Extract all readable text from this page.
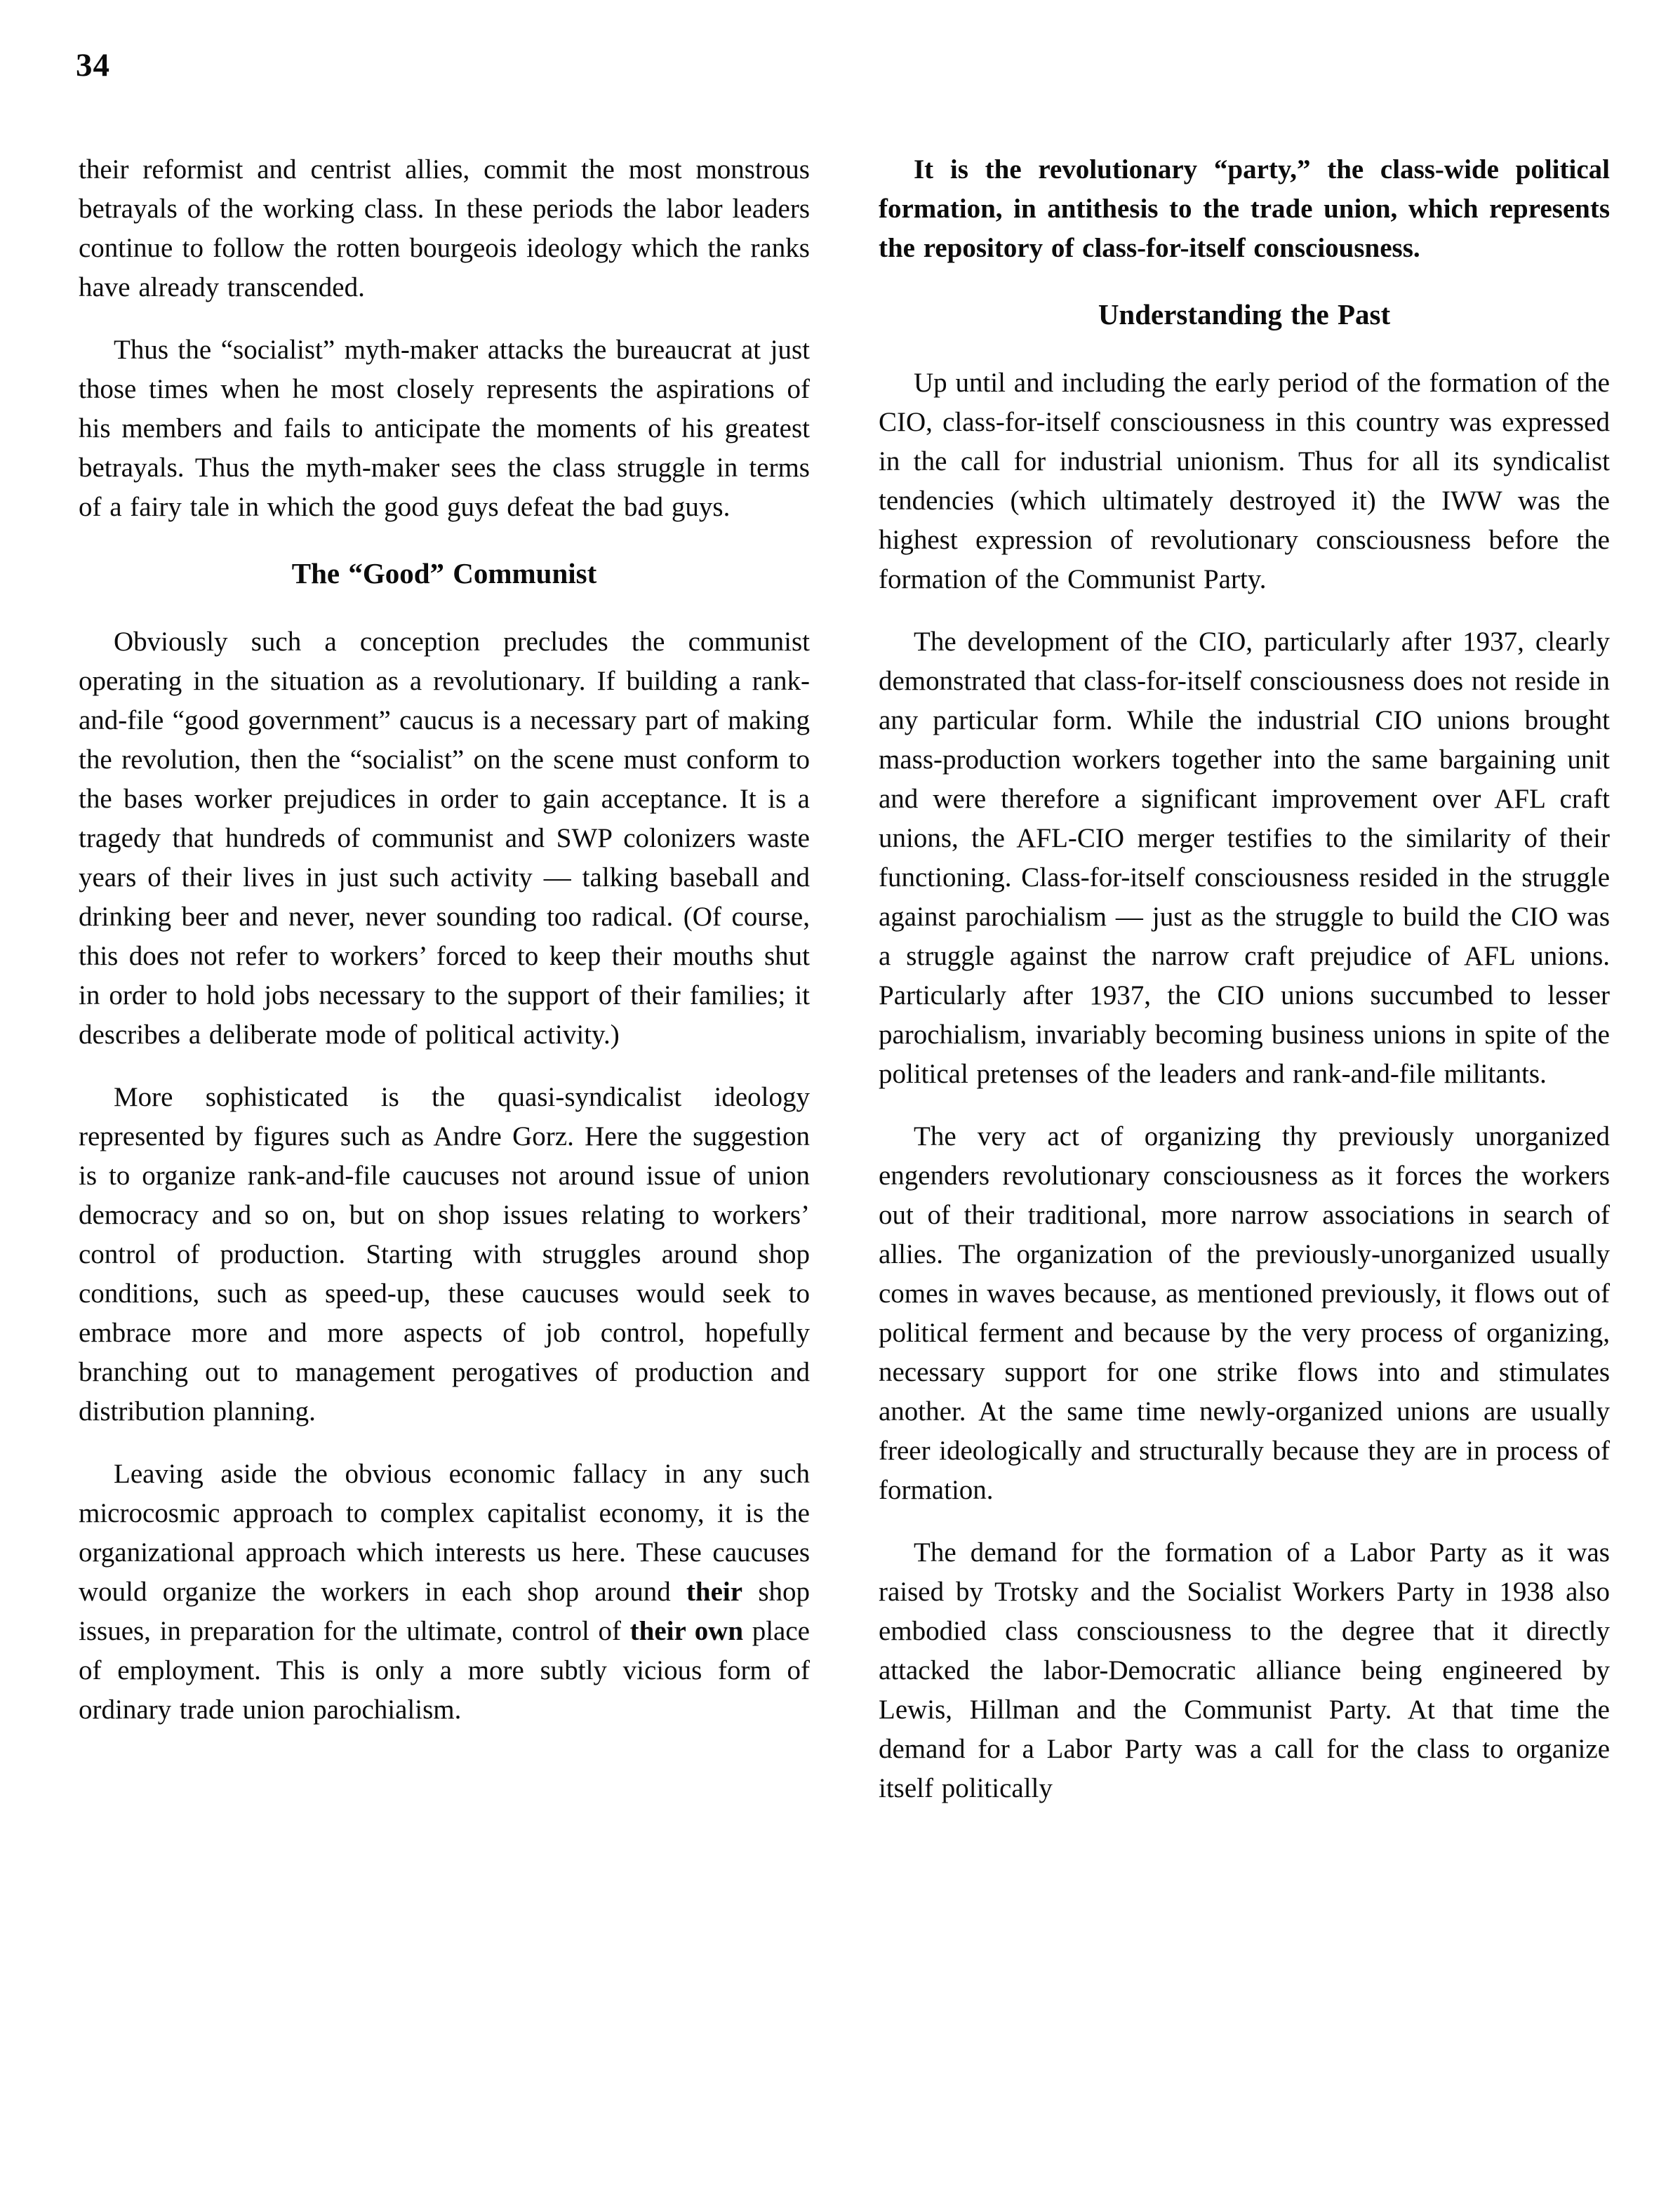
34

their reformist and centrist allies, commit the most monstrous betrayals of the working class. In these periods the labor leaders continue to follow the rotten bourgeois ideology which the ranks have already transcended.

Thus the “socialist” myth-maker attacks the bureaucrat at just those times when he most closely represents the aspirations of his members and fails to anticipate the moments of his greatest betrayals. Thus the myth-maker sees the class struggle in terms of a fairy tale in which the good guys defeat the bad guys.

The “Good” Communist

Obviously such a conception precludes the communist operating in the situation as a revolutionary. If building a rank-and-file “good government” caucus is a necessary part of making the revolution, then the “socialist” on the scene must conform to the bases worker prejudices in order to gain acceptance. It is a tragedy that hundreds of communist and SWP colonizers waste years of their lives in just such activity — talking baseball and drinking beer and never, never sounding too radical. (Of course, this does not refer to workers’ forced to keep their mouths shut in order to hold jobs necessary to the support of their families; it describes a deliberate mode of political activity.)

More sophisticated is the quasi-syndicalist ideology represented by figures such as Andre Gorz. Here the suggestion is to organize rank-and-file caucuses not around issue of union democracy and so on, but on shop issues relating to workers’ control of production. Starting with struggles around shop conditions, such as speed-up, these caucuses would seek to embrace more and more aspects of job control, hopefully branching out to management perogatives of production and distribution planning.

Leaving aside the obvious economic fallacy in any such microcosmic approach to complex capitalist economy, it is the organizational approach which interests us here. These caucuses would organize the workers in each shop around their shop issues, in preparation for the ultimate, control of their own place of employment. This is only a more subtly vicious form of ordinary trade union parochialism.

It is the revolutionary “party,” the class-wide political formation, in antithesis to the trade union, which represents the repository of class-for-itself consciousness.

Understanding the Past

Up until and including the early period of the formation of the CIO, class-for-itself consciousness in this country was expressed in the call for industrial unionism. Thus for all its syndicalist tendencies (which ultimately destroyed it) the IWW was the highest expression of revolutionary consciousness before the formation of the Communist Party.

The development of the CIO, particularly after 1937, clearly demonstrated that class-for-itself consciousness does not reside in any particular form. While the industrial CIO unions brought mass-production workers together into the same bargaining unit and were therefore a significant improvement over AFL craft unions, the AFL-CIO merger testifies to the similarity of their functioning. Class-for-itself consciousness resided in the struggle against parochialism — just as the struggle to build the CIO was a struggle against the narrow craft prejudice of AFL unions. Particularly after 1937, the CIO unions succumbed to lesser parochialism, invariably becoming business unions in spite of the political pretenses of the leaders and rank-and-file militants.

The very act of organizing thy previously unorganized engenders revolutionary consciousness as it forces the workers out of their traditional, more narrow associations in search of allies. The organization of the previously-unorganized usually comes in waves because, as mentioned previously, it flows out of political ferment and because by the very process of organizing, necessary support for one strike flows into and stimulates another. At the same time newly-organized unions are usually freer ideologically and structurally because they are in process of formation.

The demand for the formation of a Labor Party as it was raised by Trotsky and the Socialist Workers Party in 1938 also embodied class consciousness to the degree that it directly attacked the labor-Democratic alliance being engineered by Lewis, Hillman and the Communist Party. At that time the demand for a Labor Party was a call for the class to organize itself politically
